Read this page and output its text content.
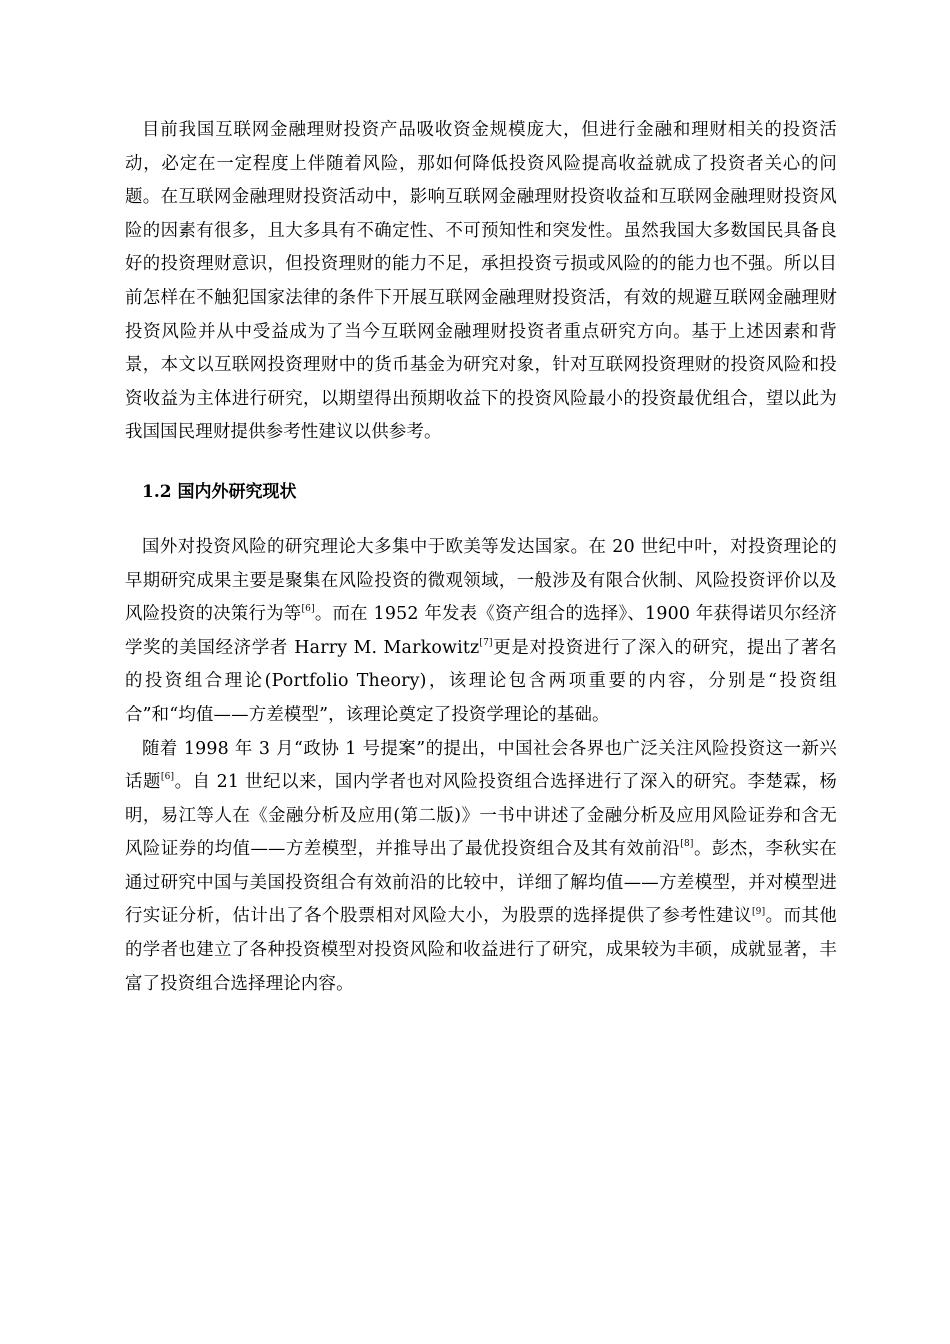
目前我国互联网金融理财投资产品吸收资金规模庞大，但进行金融和理财相关的投资活动，必定在一定程度上伴随着风险，那如何降低投资风险提高收益就成了投资者关心的问题。在互联网金融理财投资活动中，影响互联网金融理财投资收益和互联网金融理财投资风险的因素有很多，且大多具有不确定性、不可预知性和突发性。虽然我国大多数国民具备良好的投资理财意识，但投资理财的能力不足，承担投资亏损或风险的的能力也不强。所以目前怎样在不触犯国家法律的条件下开展互联网金融理财投资活，有效的规避互联网金融理财投资风险并从中受益成为了当今互联网金融理财投资者重点研究方向。基于上述因素和背景，本文以互联网投资理财中的货币基金为研究对象，针对互联网投资理财的投资风险和投资收益为主体进行研究，以期望得出预期收益下的投资风险最小的投资最优组合，望以此为我国国民理财提供参考性建议以供参考。

1.2 国内外研究现状

国外对投资风险的研究理论大多集中于欧美等发达国家。在 20 世纪中叶，对投资理论的早期研究成果主要是聚集在风险投资的微观领域，一般涉及有限合伙制、风险投资评价以及风险投资的决策行为等[6]。而在 1952 年发表《资产组合的选择》、1900 年获得诺贝尔经济学奖的美国经济学者 Harry M. Markowitz[7]更是对投资进行了深入的研究，提出了著名的投资组合理论(Portfolio Theory)，该理论包含两项重要的内容，分别是“投资组合”和“均值——方差模型”，该理论奠定了投资学理论的基础。

随着 1998 年 3 月“政协 1 号提案”的提出，中国社会各界也广泛关注风险投资这一新兴话题[6]。自 21 世纪以来，国内学者也对风险投资组合选择进行了深入的研究。李楚霖，杨明，易江等人在《金融分析及应用(第二版)》一书中讲述了金融分析及应用风险证券和含无风险证券的均值——方差模型，并推导出了最优投资组合及其有效前沿[8]。彭杰，李秋实在通过研究中国与美国投资组合有效前沿的比较中，详细了解均值——方差模型，并对模型进行实证分析，估计出了各个股票相对风险大小，为股票的选择提供了参考性建议[9]。而其他的学者也建立了各种投资模型对投资风险和收益进行了研究，成果较为丰硕，成就显著，丰富了投资组合选择理论内容。
